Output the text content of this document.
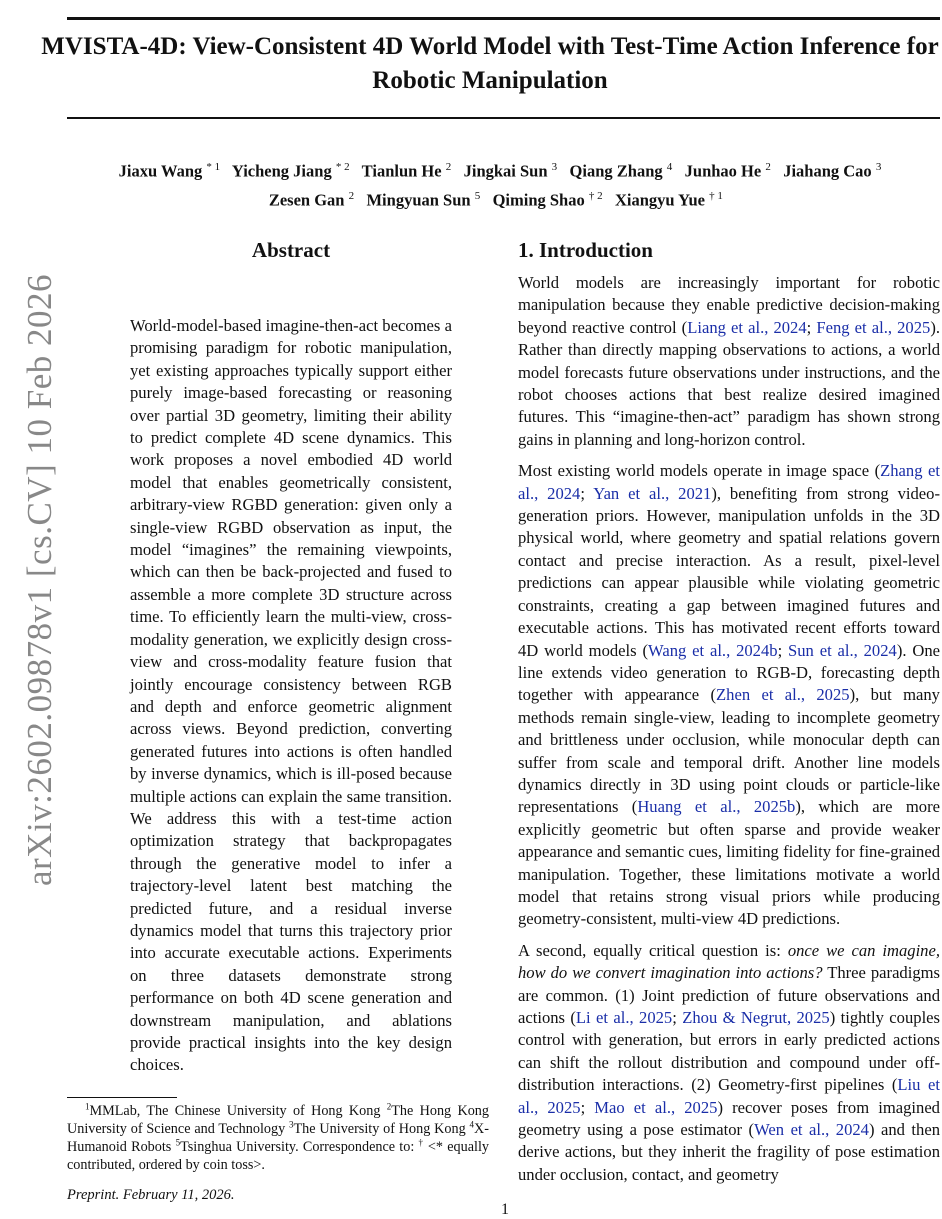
MVISTA-4D: View-Consistent 4D World Model with Test-Time Action Inference for Robotic Manipulation
Jiaxu Wang $^{* 1}$ Yicheng Jiang $^{* 2}$ Tianlun He $^2$ Jingkai Sun $^3$ Qiang Zhang $^4$ Junhao He $^2$ Jiahang Cao $^3$
Zesen Gan $^2$ Mingyuan Sun $^5$ Qiming Shao $^{\dagger 2}$ Xiangyu Yue $^{\dagger 1}$
arXiv:2602.09878v1 [cs.CV] 10 Feb 2026
Abstract
World-model-based imagine-then-act becomes a promising paradigm for robotic manipulation, yet existing approaches typically support either purely image-based forecasting or reasoning over partial 3D geometry, limiting their ability to predict complete 4D scene dynamics. This work proposes a novel embodied 4D world model that enables geometrically consistent, arbitrary-view RGBD generation: given only a single-view RGBD observation as input, the model “imagines” the remaining viewpoints, which can then be back-projected and fused to assemble a more complete 3D structure across time. To efficiently learn the multi-view, cross-modality generation, we explicitly design cross-view and cross-modality feature fusion that jointly encourage consistency between RGB and depth and enforce geometric alignment across views. Beyond prediction, converting generated futures into actions is often handled by inverse dynamics, which is ill-posed because multiple actions can explain the same transition. We address this with a test-time action optimization strategy that backpropagates through the generative model to infer a trajectory-level latent best matching the predicted future, and a residual inverse dynamics model that turns this trajectory prior into accurate executable actions. Experiments on three datasets demonstrate strong performance on both 4D scene generation and downstream manipulation, and ablations provide practical insights into the key design choices.
$^1$MMLab, The Chinese University of Hong Kong $^2$The Hong Kong University of Science and Technology $^3$The University of Hong Kong $^4$X-Humanoid Robots $^5$Tsinghua University. Correspondence to: † <* equally contributed, ordered by coin toss>.
Preprint. February 11, 2026.
1. Introduction

World models are increasingly important for robotic manipulation because they enable predictive decision-making beyond reactive control (Liang et al., 2024; Feng et al., 2025). Rather than directly mapping observations to actions, a world model forecasts future observations under instructions, and the robot chooses actions that best realize desired imagined futures. This “imagine-then-act” paradigm has shown strong gains in planning and long-horizon control.

Most existing world models operate in image space (Zhang et al., 2024; Yan et al., 2021), benefiting from strong video-generation priors. However, manipulation unfolds in the 3D physical world, where geometry and spatial relations govern contact and precise interaction. As a result, pixel-level predictions can appear plausible while violating geometric constraints, creating a gap between imagined futures and executable actions. This has motivated recent efforts toward 4D world models (Wang et al., 2024b; Sun et al., 2024). One line extends video generation to RGB-D, forecasting depth together with appearance (Zhen et al., 2025), but many methods remain single-view, leading to incomplete geometry and brittleness under occlusion, while monocular depth can suffer from scale and temporal drift. Another line models dynamics directly in 3D using point clouds or particle-like representations (Huang et al., 2025b), which are more explicitly geometric but often sparse and provide weaker appearance and semantic cues, limiting fidelity for fine-grained manipulation. Together, these limitations motivate a world model that retains strong visual priors while producing geometry-consistent, multi-view 4D predictions.

A second, equally critical question is: once we can imagine, how do we convert imagination into actions? Three paradigms are common. (1) Joint prediction of future observations and actions (Li et al., 2025; Zhou & Negrut, 2025) tightly couples control with generation, but errors in early predicted actions can shift the rollout distribution and compound under off-distribution interactions. (2) Geometry-first pipelines (Liu et al., 2025; Mao et al., 2025) recover poses from imagined geometry using a pose estimator (Wen et al., 2024) and then derive actions, but they inherit the fragility of pose estimation under occlusion, contact, and geometry

1
